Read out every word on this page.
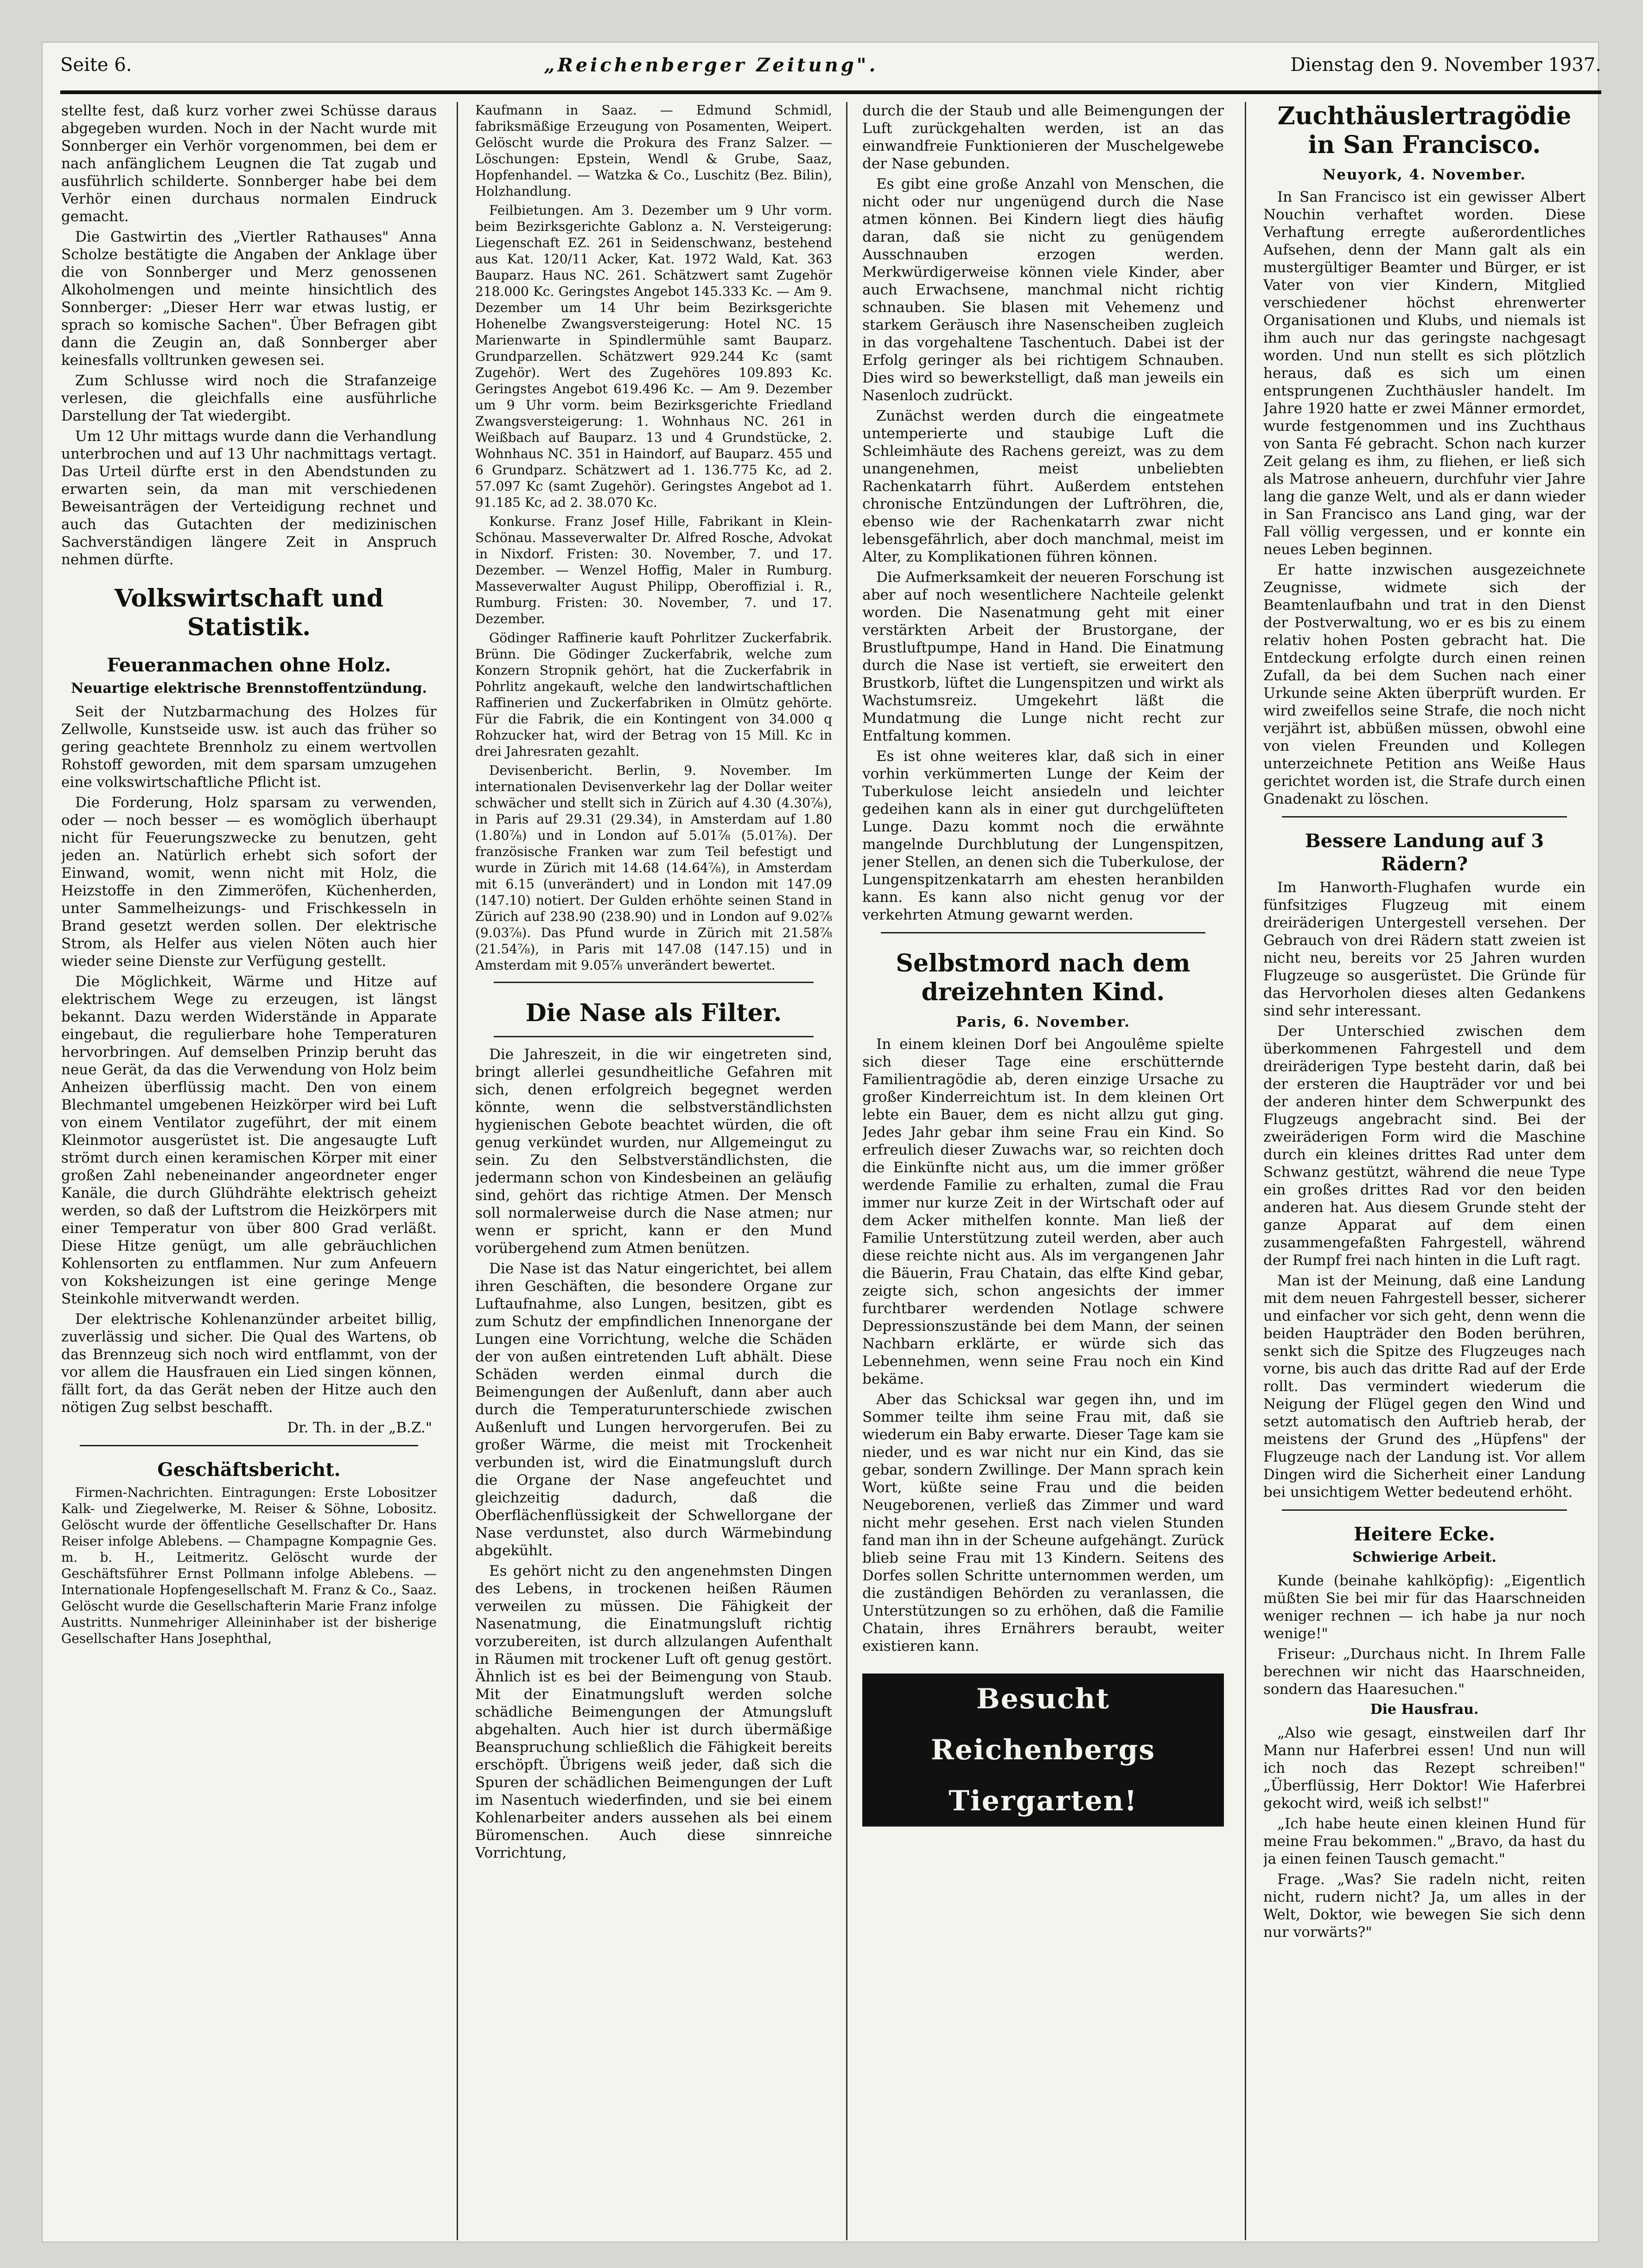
Seite 6.	„Reichenberger Zeitung".	Dienstag den 9. November 1937.

stellte fest, daß kurz vorher zwei Schüsse daraus abgegeben wurden. Noch in der Nacht wurde mit Sonnberger ein Verhör vorgenommen, bei dem er nach anfänglichem Leugnen die Tat zugab und ausführlich schilderte. Sonnberger habe bei dem Verhör einen durchaus normalen Eindruck gemacht.

Die Gastwirtin des „Viertler Rathauses" Anna Scholze bestätigte die Angaben der Anklage über die von Sonnberger und Merz genossenen Alkoholmengen und meinte hinsichtlich des Sonnberger: „Dieser Herr war etwas lustig, er sprach so komische Sachen". Über Befragen gibt dann die Zeugin an, daß Sonnberger aber keinesfalls volltrunken gewesen sei.

Zum Schlusse wird noch die Strafanzeige verlesen, die gleichfalls eine ausführliche Darstellung der Tat wiedergibt.

Um 12 Uhr mittags wurde dann die Verhandlung unterbrochen und auf 13 Uhr nachmittags vertagt. Das Urteil dürfte erst in den Abendstunden zu erwarten sein, da man mit verschiedenen Beweisanträgen der Verteidigung rechnet und auch das Gutachten der medizinischen Sachverständigen längere Zeit in Anspruch nehmen dürfte.

Volkswirtschaft und Statistik.
Feueranmachen ohne Holz.
Neuartige elektrische Brennstoffentzündung.

Seit der Nutzbarmachung des Holzes für Zellwolle, Kunstseide usw. ist auch das früher so gering geachtete Brennholz zu einem wertvollen Rohstoff geworden, mit dem sparsam umzugehen eine volkswirtschaftliche Pflicht ist.

Die Forderung, Holz sparsam zu verwenden, oder — noch besser — es womöglich überhaupt nicht für Feuerungszwecke zu benutzen, geht jeden an. Natürlich erhebt sich sofort der Einwand, womit, wenn nicht mit Holz, die Heizstoffe in den Zimmeröfen, Küchenherden, unter Sammelheizungs- und Frischkesseln in Brand gesetzt werden sollen. Der elektrische Strom, als Helfer aus vielen Nöten auch hier wieder seine Dienste zur Verfügung gestellt.

Die Möglichkeit, Wärme und Hitze auf elektrischem Wege zu erzeugen, ist längst bekannt. Dazu werden Widerstände in Apparate eingebaut, die regulierbare hohe Temperaturen hervorbringen. Auf demselben Prinzip beruht das neue Gerät, da das die Verwendung von Holz beim Anheizen überflüssig macht. Den von einem Blechmantel umgebenen Heizkörper wird bei Luft von einem Ventilator zugeführt, der mit einem Kleinmotor ausgerüstet ist. Die angesaugte Luft strömt durch einen keramischen Körper mit einer großen Zahl nebeneinander angeordneter enger Kanäle, die durch Glühdrähte elektrisch geheizt werden, so daß der Luftstrom die Heizkörpers mit einer Temperatur von über 800 Grad verläßt. Diese Hitze genügt, um alle gebräuchlichen Kohlensorten zu entflammen. Nur zum Anfeuern von Koksheizungen ist eine geringe Menge Steinkohle mitverwandt werden.

Der elektrische Kohlenanzünder arbeitet billig, zuverlässig und sicher. Die Qual des Wartens, ob das Brennzeug sich noch wird entflammt, von der vor allem die Hausfrauen ein Lied singen können, fällt fort, da das Gerät neben der Hitze auch den nötigen Zug selbst beschafft.

Dr. Th. in der „B.Z."
Geschäftsbericht.

Firmen-Nachrichten. Eintragungen: Erste Lobositzer Kalk- und Ziegelwerke, M. Reiser & Söhne, Lobositz. Gelöscht wurde der öffentliche Gesellschafter Dr. Hans Reiser infolge Ablebens. — Champagne Kompagnie Ges. m. b. H., Leitmeritz. Gelöscht wurde der Geschäftsführer Ernst Pollmann infolge Ablebens. — Internationale Hopfengesellschaft M. Franz & Co., Saaz. Gelöscht wurde die Gesellschafterin Marie Franz infolge Austritts. Nunmehriger Alleininhaber ist der bisherige Gesellschafter Hans Josephthal,

Kaufmann in Saaz. — Edmund Schmidl, fabriksmäßige Erzeugung von Posamenten, Weipert. Gelöscht wurde die Prokura des Franz Salzer. — Löschungen: Epstein, Wendl & Grube, Saaz, Hopfenhandel. — Watzka & Co., Luschitz (Bez. Bilin), Holzhandlung.

Feilbietungen. Am 3. Dezember um 9 Uhr vorm. beim Bezirksgerichte Gablonz a. N. Versteigerung: Liegenschaft EZ. 261 in Seidenschwanz, bestehend aus Kat. 120/11 Acker, Kat. 1972 Wald, Kat. 363 Bauparz. Haus NC. 261. Schätzwert samt Zugehör 218.000 Kc. Geringstes Angebot 145.333 Kc. — Am 9. Dezember um 14 Uhr beim Bezirksgerichte Hohenelbe Zwangsversteigerung: Hotel NC. 15 Marienwarte in Spindlermühle samt Bauparz. Grundparzellen. Schätzwert 929.244 Kc (samt Zugehör). Wert des Zugehöres 109.893 Kc. Geringstes Angebot 619.496 Kc. — Am 9. Dezember um 9 Uhr vorm. beim Bezirksgerichte Friedland Zwangsversteigerung: 1. Wohnhaus NC. 261 in Weißbach auf Bauparz. 13 und 4 Grundstücke, 2. Wohnhaus NC. 351 in Haindorf, auf Bauparz. 455 und 6 Grundparz. Schätzwert ad 1. 136.775 Kc, ad 2. 57.097 Kc (samt Zugehör). Geringstes Angebot ad 1. 91.185 Kc, ad 2. 38.070 Kc.

Konkurse. Franz Josef Hille, Fabrikant in Klein-Schönau. Masseverwalter Dr. Alfred Rosche, Advokat in Nixdorf. Fristen: 30. November, 7. und 17. Dezember. — Wenzel Hoffig, Maler in Rumburg. Masseverwalter August Philipp, Oberoffizial i. R., Rumburg. Fristen: 30. November, 7. und 17. Dezember.

Gödinger Raffinerie kauft Pohrlitzer Zuckerfabrik. Brünn. Die Gödinger Zuckerfabrik, welche zum Konzern Stropnik gehört, hat die Zuckerfabrik in Pohrlitz angekauft, welche den landwirtschaftlichen Raffinerien und Zuckerfabriken in Olmütz gehörte. Für die Fabrik, die ein Kontingent von 34.000 q Rohzucker hat, wird der Betrag von 15 Mill. Kc in drei Jahresraten gezahlt.

Devisenbericht. Berlin, 9. November. Im internationalen Devisenverkehr lag der Dollar weiter schwächer und stellt sich in Zürich auf 4.30 (4.30⅞), in Paris auf 29.31 (29.34), in Amsterdam auf 1.80 (1.80⅞) und in London auf 5.01⅞ (5.01⅞). Der französische Franken war zum Teil befestigt und wurde in Zürich mit 14.68 (14.64⅞), in Amsterdam mit 6.15 (unverändert) und in London mit 147.09 (147.10) notiert. Der Gulden erhöhte seinen Stand in Zürich auf 238.90 (238.90) und in London auf 9.02⅞ (9.03⅞). Das Pfund wurde in Zürich mit 21.58⅞ (21.54⅞), in Paris mit 147.08 (147.15) und in Amsterdam mit 9.05⅞ unverändert bewertet.

Die Nase als Filter.

Die Jahreszeit, in die wir eingetreten sind, bringt allerlei gesundheitliche Gefahren mit sich, denen erfolgreich begegnet werden könnte, wenn die selbstverständlichsten hygienischen Gebote beachtet würden, die oft genug verkündet wurden, nur Allgemeingut zu sein. Zu den Selbstverständlichsten, die jedermann schon von Kindesbeinen an geläufig sind, gehört das richtige Atmen. Der Mensch soll normalerweise durch die Nase atmen; nur wenn er spricht, kann er den Mund vorübergehend zum Atmen benützen.

Die Nase ist das Natur eingerichtet, bei allem ihren Geschäften, die besondere Organe zur Luftaufnahme, also Lungen, besitzen, gibt es zum Schutz der empfindlichen Innenorgane der Lungen eine Vorrichtung, welche die Schäden der von außen eintretenden Luft abhält. Diese Schäden werden einmal durch die Beimengungen der Außenluft, dann aber auch durch die Temperaturunterschiede zwischen Außenluft und Lungen hervorgerufen. Bei zu großer Wärme, die meist mit Trockenheit verbunden ist, wird die Einatmungsluft durch die Organe der Nase angefeuchtet und gleichzeitig dadurch, daß die Oberflächenflüssigkeit der Schwellorgane der Nase verdunstet, also durch Wärmebindung abgekühlt.

Es gehört nicht zu den angenehmsten Dingen des Lebens, in trockenen heißen Räumen verweilen zu müssen. Die Fähigkeit der Nasenatmung, die Einatmungsluft richtig vorzubereiten, ist durch allzulangen Aufenthalt in Räumen mit trockener Luft oft genug gestört. Ähnlich ist es bei der Beimengung von Staub. Mit der Einatmungsluft werden solche schädliche Beimengungen der Atmungsluft abgehalten. Auch hier ist durch übermäßige Beanspruchung schließlich die Fähigkeit bereits erschöpft. Übrigens weiß jeder, daß sich die Spuren der schädlichen Beimengungen der Luft im Nasentuch wiederfinden, und sie bei einem Kohlenarbeiter anders aussehen als bei einem Büromenschen. Auch diese sinnreiche Vorrichtung,

durch die der Staub und alle Beimengungen der Luft zurückgehalten werden, ist an das einwandfreie Funktionieren der Muschelgewebe der Nase gebunden.

Es gibt eine große Anzahl von Menschen, die nicht oder nur ungenügend durch die Nase atmen können. Bei Kindern liegt dies häufig daran, daß sie nicht zu genügendem Ausschnauben erzogen werden. Merkwürdigerweise können viele Kinder, aber auch Erwachsene, manchmal nicht richtig schnauben. Sie blasen mit Vehemenz und starkem Geräusch ihre Nasenscheiben zugleich in das vorgehaltene Taschentuch. Dabei ist der Erfolg geringer als bei richtigem Schnauben. Dies wird so bewerkstelligt, daß man jeweils ein Nasenloch zudrückt.

Zunächst werden durch die eingeatmete untemperierte und staubige Luft die Schleimhäute des Rachens gereizt, was zu dem unangenehmen, meist unbeliebten Rachenkatarrh führt. Außerdem entstehen chronische Entzündungen der Luftröhren, die, ebenso wie der Rachenkatarrh zwar nicht lebensgefährlich, aber doch manchmal, meist im Alter, zu Komplikationen führen können.

Die Aufmerksamkeit der neueren Forschung ist aber auf noch wesentlichere Nachteile gelenkt worden. Die Nasenatmung geht mit einer verstärkten Arbeit der Brustorgane, der Brustluftpumpe, Hand in Hand. Die Einatmung durch die Nase ist vertieft, sie erweitert den Brustkorb, lüftet die Lungenspitzen und wirkt als Wachstumsreiz. Umgekehrt läßt die Mundatmung die Lunge nicht recht zur Entfaltung kommen.

Es ist ohne weiteres klar, daß sich in einer vorhin verkümmerten Lunge der Keim der Tuberkulose leicht ansiedeln und leichter gedeihen kann als in einer gut durchgelüfteten Lunge. Dazu kommt noch die erwähnte mangelnde Durchblutung der Lungenspitzen, jener Stellen, an denen sich die Tuberkulose, der Lungenspitzenkatarrh am ehesten heranbilden kann. Es kann also nicht genug vor der verkehrten Atmung gewarnt werden.

Selbstmord nach dem dreizehnten Kind.
Paris, 6. November.

In einem kleinen Dorf bei Angoulême spielte sich dieser Tage eine erschütternde Familientragödie ab, deren einzige Ursache zu großer Kinderreichtum ist. In dem kleinen Ort lebte ein Bauer, dem es nicht allzu gut ging. Jedes Jahr gebar ihm seine Frau ein Kind. So erfreulich dieser Zuwachs war, so reichten doch die Einkünfte nicht aus, um die immer größer werdende Familie zu erhalten, zumal die Frau immer nur kurze Zeit in der Wirtschaft oder auf dem Acker mithelfen konnte. Man ließ der Familie Unterstützung zuteil werden, aber auch diese reichte nicht aus. Als im vergangenen Jahr die Bäuerin, Frau Chatain, das elfte Kind gebar, zeigte sich, schon angesichts der immer furchtbarer werdenden Notlage schwere Depressionszustände bei dem Mann, der seinen Nachbarn erklärte, er würde sich das Lebennehmen, wenn seine Frau noch ein Kind bekäme.

Aber das Schicksal war gegen ihn, und im Sommer teilte ihm seine Frau mit, daß sie wiederum ein Baby erwarte. Dieser Tage kam sie nieder, und es war nicht nur ein Kind, das sie gebar, sondern Zwillinge. Der Mann sprach kein Wort, küßte seine Frau und die beiden Neugeborenen, verließ das Zimmer und ward nicht mehr gesehen. Erst nach vielen Stunden fand man ihn in der Scheune aufgehängt. Zurück blieb seine Frau mit 13 Kindern. Seitens des Dorfes sollen Schritte unternommen werden, um die zuständigen Behörden zu veranlassen, die Unterstützungen so zu erhöhen, daß die Familie Chatain, ihres Ernährers beraubt, weiter existieren kann.

Besucht Reichenbergs Tiergarten!
Zuchthäuslertragödie in San Francisco.
Neuyork, 4. November.

In San Francisco ist ein gewisser Albert Nouchin verhaftet worden. Diese Verhaftung erregte außerordentliches Aufsehen, denn der Mann galt als ein mustergültiger Beamter und Bürger, er ist Vater von vier Kindern, Mitglied verschiedener höchst ehrenwerter Organisationen und Klubs, und niemals ist ihm auch nur das geringste nachgesagt worden. Und nun stellt es sich plötzlich heraus, daß es sich um einen entsprungenen Zuchthäusler handelt. Im Jahre 1920 hatte er zwei Männer ermordet, wurde festgenommen und ins Zuchthaus von Santa Fé gebracht. Schon nach kurzer Zeit gelang es ihm, zu fliehen, er ließ sich als Matrose anheuern, durchfuhr vier Jahre lang die ganze Welt, und als er dann wieder in San Francisco ans Land ging, war der Fall völlig vergessen, und er konnte ein neues Leben beginnen.

Er hatte inzwischen ausgezeichnete Zeugnisse, widmete sich der Beamtenlaufbahn und trat in den Dienst der Postverwaltung, wo er es bis zu einem relativ hohen Posten gebracht hat. Die Entdeckung erfolgte durch einen reinen Zufall, da bei dem Suchen nach einer Urkunde seine Akten überprüft wurden. Er wird zweifellos seine Strafe, die noch nicht verjährt ist, abbüßen müssen, obwohl eine von vielen Freunden und Kollegen unterzeichnete Petition ans Weiße Haus gerichtet worden ist, die Strafe durch einen Gnadenakt zu löschen.

Bessere Landung auf 3 Rädern?

Im Hanworth-Flughafen wurde ein fünfsitziges Flugzeug mit einem dreiräderigen Untergestell versehen. Der Gebrauch von drei Rädern statt zweien ist nicht neu, bereits vor 25 Jahren wurden Flugzeuge so ausgerüstet. Die Gründe für das Hervorholen dieses alten Gedankens sind sehr interessant.

Der Unterschied zwischen dem überkommenen Fahrgestell und dem dreiräderigen Type besteht darin, daß bei der ersteren die Haupträder vor und bei der anderen hinter dem Schwerpunkt des Flugzeugs angebracht sind. Bei der zweiräderigen Form wird die Maschine durch ein kleines drittes Rad unter dem Schwanz gestützt, während die neue Type ein großes drittes Rad vor den beiden anderen hat. Aus diesem Grunde steht der ganze Apparat auf dem einen zusammengefaßten Fahrgestell, während der Rumpf frei nach hinten in die Luft ragt.

Man ist der Meinung, daß eine Landung mit dem neuen Fahrgestell besser, sicherer und einfacher vor sich geht, denn wenn die beiden Haupträder den Boden berühren, senkt sich die Spitze des Flugzeuges nach vorne, bis auch das dritte Rad auf der Erde rollt. Das vermindert wiederum die Neigung der Flügel gegen den Wind und setzt automatisch den Auftrieb herab, der meistens der Grund des „Hüpfens" der Flugzeuge nach der Landung ist. Vor allem Dingen wird die Sicherheit einer Landung bei unsichtigem Wetter bedeutend erhöht.

Heitere Ecke.
Schwierige Arbeit.

Kunde (beinahe kahlköpfig): „Eigentlich müßten Sie bei mir für das Haarschneiden weniger rechnen — ich habe ja nur noch wenige!"

Friseur: „Durchaus nicht. In Ihrem Falle berechnen wir nicht das Haarschneiden, sondern das Haaresuchen."

Die Hausfrau.

„Also wie gesagt, einstweilen darf Ihr Mann nur Haferbrei essen! Und nun will ich noch das Rezept schreiben!" „Überflüssig, Herr Doktor! Wie Haferbrei gekocht wird, weiß ich selbst!"

„Ich habe heute einen kleinen Hund für meine Frau bekommen." „Bravo, da hast du ja einen feinen Tausch gemacht."

Frage. „Was? Sie radeln nicht, reiten nicht, rudern nicht? Ja, um alles in der Welt, Doktor, wie bewegen Sie sich denn nur vorwärts?"
